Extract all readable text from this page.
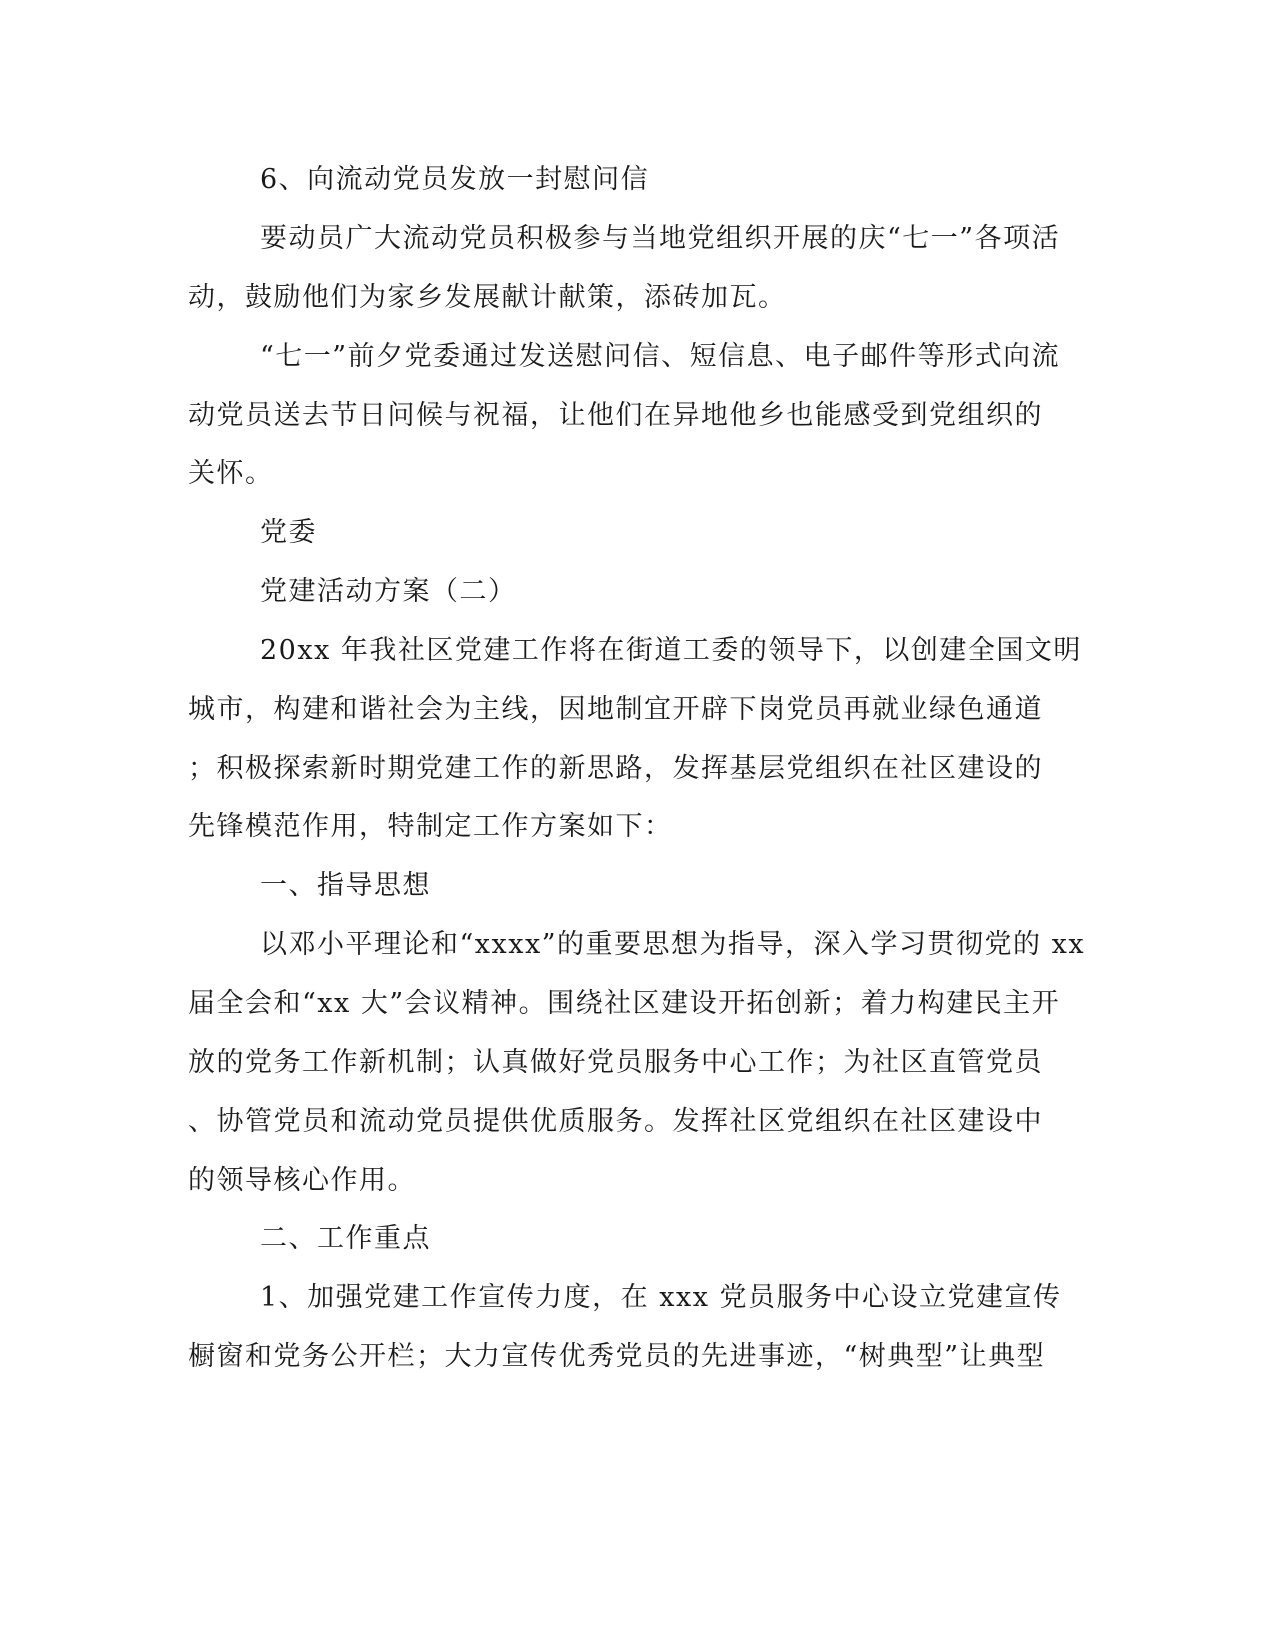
6、向流动党员发放一封慰问信
要动员广大流动党员积极参与当地党组织开展的庆“七一”各项活
动，鼓励他们为家乡发展献计献策，添砖加瓦。
“七一”前夕党委通过发送慰问信、短信息、电子邮件等形式向流
动党员送去节日问候与祝福，让他们在异地他乡也能感受到党组织的
关怀。
党委
党建活动方案（二）
20xx 年我社区党建工作将在街道工委的领导下，以创建全国文明
城市，构建和谐社会为主线，因地制宜开辟下岗党员再就业绿色通道
；积极探索新时期党建工作的新思路，发挥基层党组织在社区建设的
先锋模范作用，特制定工作方案如下：
一、指导思想
以邓小平理论和“xxxx”的重要思想为指导，深入学习贯彻党的 xx
届全会和“xx 大”会议精神。围绕社区建设开拓创新；着力构建民主开
放的党务工作新机制；认真做好党员服务中心工作；为社区直管党员
、协管党员和流动党员提供优质服务。发挥社区党组织在社区建设中
的领导核心作用。
二、工作重点
1、加强党建工作宣传力度，在 xxx 党员服务中心设立党建宣传
橱窗和党务公开栏；大力宣传优秀党员的先进事迹，“树典型”让典型
